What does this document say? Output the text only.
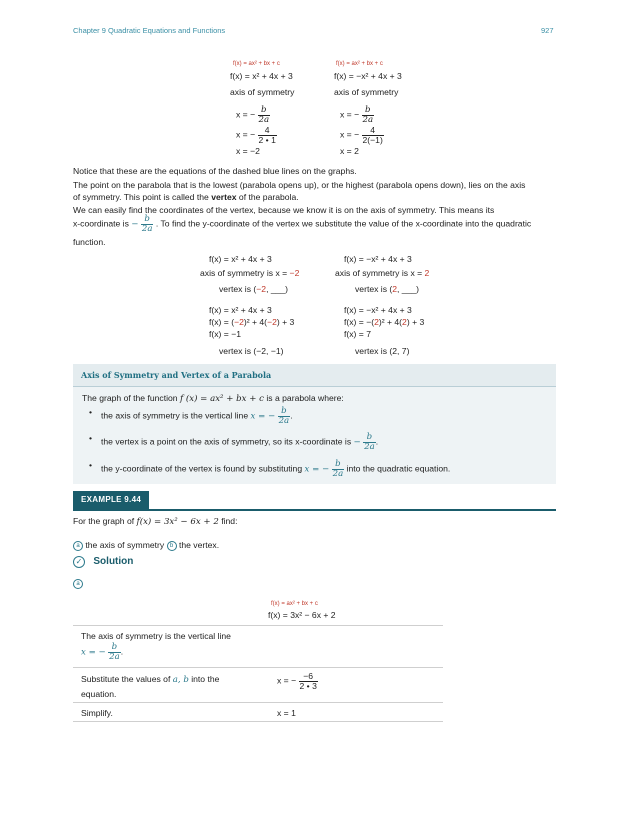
Chapter 9 Quadratic Equations and Functions	927
f(x) = ax² + bx + c
f(x) = x² + 4x + 3
axis of symmetry
x = − $\frac{b}{2a}$
x = − $\frac{4}{2 • 1}$
x = −2
f(x) = ax² + bx + c
f(x) = −x² + 4x + 3
axis of symmetry
x = − $\frac{b}{2a}$
x = − $\frac{4}{2(-1)}$
x = 2
Notice that these are the equations of the dashed blue lines on the graphs.
The point on the parabola that is the lowest (parabola opens up), or the highest (parabola opens down), lies on the axis
of symmetry. This point is called the vertex of the parabola.
We can easily find the coordinates of the vertex, because we know it is on the axis of symmetry. This means its
x-coordinate is − $\frac{b}{2a}$ . To find the y-coordinate of the vertex we substitute the value of the x-coordinate into the quadratic
function.
f(x) = x² + 4x + 3
axis of symmetry is x = −2
vertex is (−2, ___)
f(x) = x² + 4x + 3
f(x) = (−2)² + 4(−2) + 3
f(x) = −1
vertex is (−2, −1)
f(x) = −x² + 4x + 3
axis of symmetry is x = 2
vertex is (2, ___)
f(x) = −x² + 4x + 3
f(x) = −(2)² + 4(2) + 3
f(x) = 7
vertex is (2, 7)
Axis of Symmetry and Vertex of a Parabola
The graph of the function f (x) = ax² + bx + c is a parabola where:
• the axis of symmetry is the vertical line x = − $\frac{b}{2a}$ .
• the vertex is a point on the axis of symmetry, so its x-coordinate is − $\frac{b}{2a}$ .
• the y-coordinate of the vertex is found by substituting x = − $\frac{b}{2a}$ into the quadratic equation.
EXAMPLE 9.44
For the graph of f(x) = 3x² − 6x + 2 find:
a the axis of symmetry b the vertex.
✓ Solution
a
f(x) = ax² + bx + c
f(x) = 3x² − 6x + 2
The axis of symmetry is the vertical line
x = − $\frac{b}{2a}$ .
Substitute the values of a, b into the
equation.
x = − $\frac{-6}{2 • 3}$
Simplify.	x = 1
